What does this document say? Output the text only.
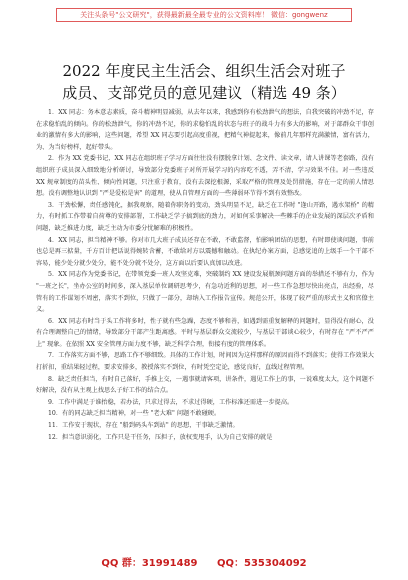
关注头条号"公文研究"，获得最新最全最专业的公文资料库！ 微信：gongwenz
2022 年度民主生活会、组织生活会对班子
成员、支部党员的意见建议（精选 49 条）

1．XX 同志：务本意志素质，奋斗精神明显减弱，从去年以来，我感到你有松劲泄气的想法，自我突破的冲劲不足，存在求稳怕乱的倾向。你的松劲泄气，你的冲劲不足，你的求稳怕乱的状态与班子的战斗力有多大的影响，对于部群众干事创业的激情有多大的影响，这些问题，希望 XX 同志要引起高度重视，把精气神提起来，像前几年那样充满激情，富有活力，为、为当好榜样，起好带头。

2．作为 XX 党委书记，XX 同志在组织班子学习方面往往没有摆脱拿计划、念文件、读文章，请人讲课等老套路，没有组织班子成员深入细致地分析研讨，导致部分党委班子对所开展学习的内容吃不透，弄不清，学习效果不佳。对一些违反 XX 规章制度的苗头性、倾向性问题，只注重于教育，没有去深挖根源，采取严格的管理及处罚措施，存在一定的前人情思想。没有调整地认识到 "严是爱松是害" 的道理，使从自管理方面的一些薄弱环节得不到有效整改。

3．干劲松懈，责任感钝化，据我观察，随着你职务的变动，劲头明显不足，缺乏在工作时 "逢山开路，遇水架桥" 的精力，有时抓工作带着自荷尊的安排部署，工作缺乏学子搞到底的劲力，对如何采事解决一些棘手的企业发展的深层次矛盾和问题，缺乏推进力度，缺乏主动为市委分忧解难的积极性。

4．XX 同志，担当精神不够。你对市几大班子成员还存在不敢，不敢监督，怕影响团结的思想，有时即使谈问题，事前也总是再三掂量，千方百计把话说得婉转含蓄，不敢给对方以震撼和触动。在执纪办案方面，总感觉追的上级手一个干部不容易，能少处分就少处分，能不处分就不处分，这方面以后要认真加以改进。

5．XX 同志作为党委书记，在带领党委一班人攻坚克难，突破制约 XX 建设发展瓶颈问题方面的举措还不够有力，作为 "一班之长"，坐办公室的时间多，深入基层单位调研思考少，有急功近利的思想，对一些工作急想尽快出亮点，出经验，尽管有的工作谋划不周密，落实不到位，只做了一部分，却纳入工作报告宣传。规范公开，体现了较严重的形式主义和官僚主义。

6．XX 同志有时当于头工作将多时，性子就有些急躁，态度不够和善，如遇到需重复解释的问题时，显得没有耐心，没有合理调整自己的情绪，导致部分干部产生距离感。平时与基层群众交流较少，与基层干部谈心较少，有时存在 "严不严严上" 现象。在依照 XX 安全管理方面力度不够，缺乏科学合理，衔接有度的管理体系。

7．工作落实方面不够，思路工作不够细致。具体的工作计划，时间因为这样那样的原因而得不到落实；使得工作效果大打折扣，重结果轻过程，要求安排多，教授落实不到位，有时凭空定论，感觉良好，直线过程管理。

8．缺乏责任担当，有时自己落好，手推上交，一遇事就请客项，讲条件，遇见工作上的事，一说难度太大，这个问题不好解决，没有从主观上找思么子好工作的结合点。

9．工作中满足于谁抬稳，若办法，只求过得去，不求过得硬，工作标准还需进一步提高。

10．有的同志缺乏担当精神，对一些 "老大难" 问题不敢碰硬。

11．工作安于现状，存在 "船到码头车到站" 的思想，干事缺乏激情。

12．担当意识弱化，工作只是干任务，压担子，放权变甩手，认为自己安排的就是

QQ 群：31991489 QQ：535304092
